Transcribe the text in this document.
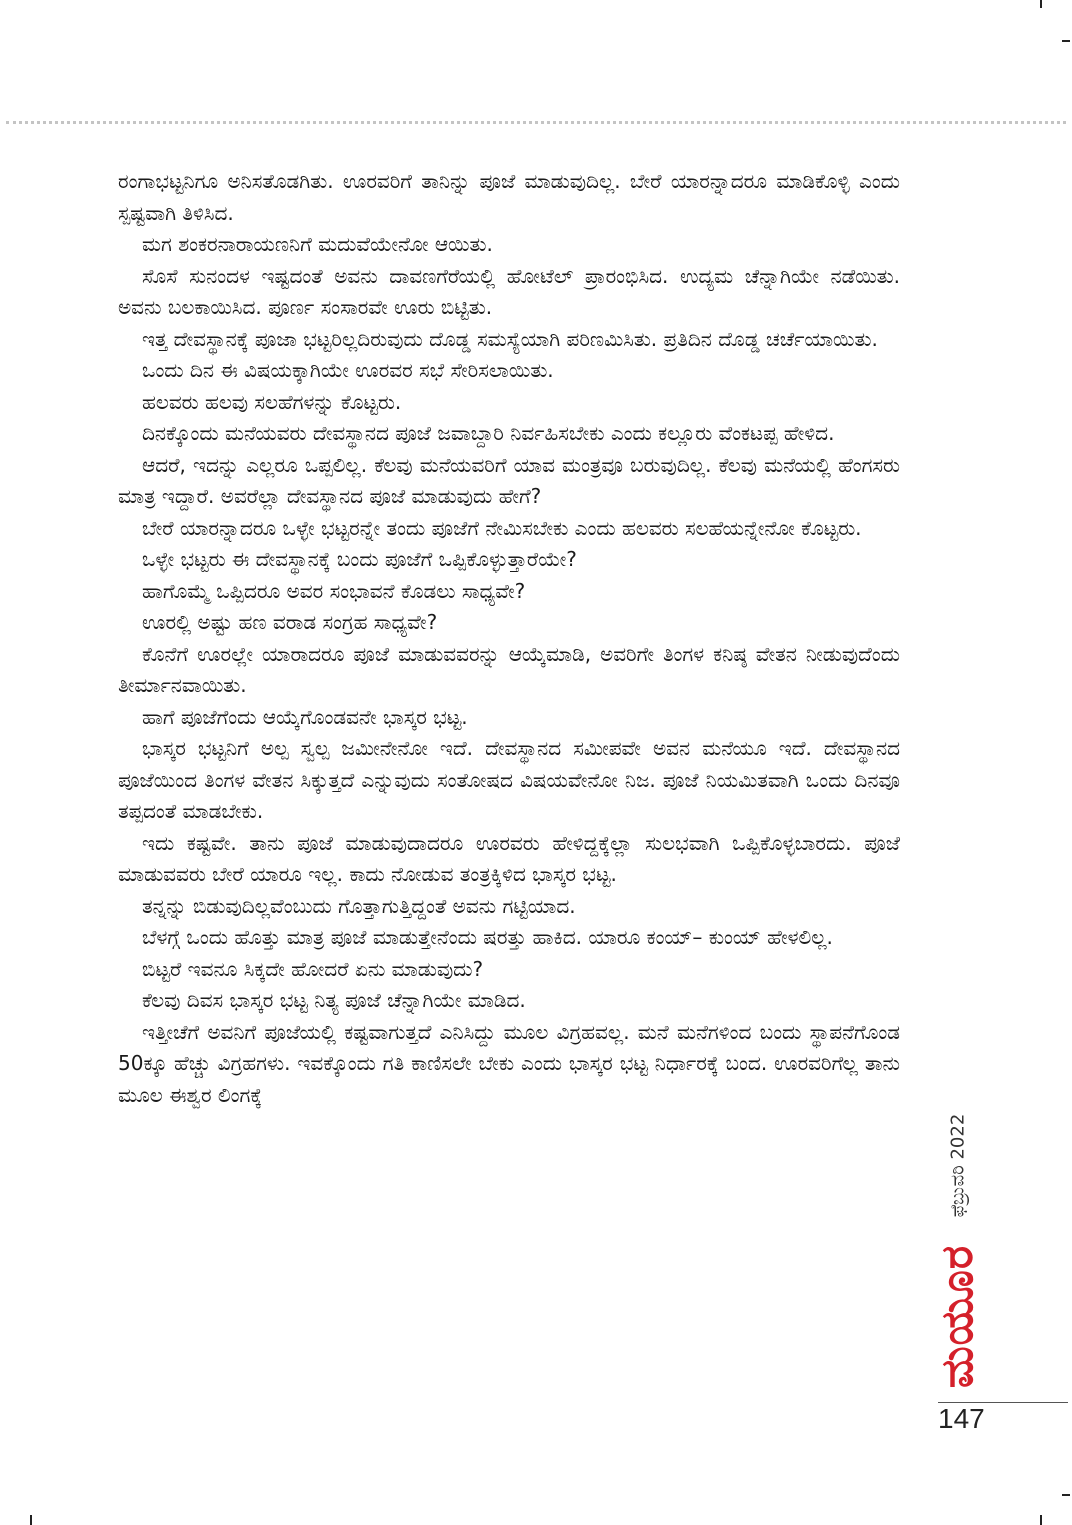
ರಂಗಾಭಟ್ಟನಿಗೂ ಅನಿಸತೊಡಗಿತು. ಊರವರಿಗೆ ತಾನಿನ್ನು ಪೂಜೆ ಮಾಡುವುದಿಲ್ಲ. ಬೇರೆ ಯಾರನ್ನಾದರೂ ಮಾಡಿಕೊಳ್ಳಿ ಎಂದು ಸ್ಪಷ್ಟವಾಗಿ ತಿಳಿಸಿದ.

ಮಗ ಶಂಕರನಾರಾಯಣನಿಗೆ ಮದುವೆಯೇನೋ ಆಯಿತು.

ಸೊಸೆ ಸುನಂದಳ ಇಷ್ಟದಂತೆ ಅವನು ದಾವಣಗೆರೆಯಲ್ಲಿ ಹೋಟೆಲ್ ಪ್ರಾರಂಭಿಸಿದ. ಉದ್ಯಮ ಚೆನ್ನಾಗಿಯೇ ನಡೆಯಿತು. ಅವನು ಬಲಕಾಯಿಸಿದ. ಪೂರ್ಣ ಸಂಸಾರವೇ ಊರು ಬಿಟ್ಟಿತು.

ಇತ್ತ ದೇವಸ್ಥಾನಕ್ಕೆ ಪೂಜಾ ಭಟ್ಟರಿಲ್ಲದಿರುವುದು ದೊಡ್ಡ ಸಮಸ್ಯೆಯಾಗಿ ಪರಿಣಮಿಸಿತು. ಪ್ರತಿದಿನ ದೊಡ್ಡ ಚರ್ಚೆಯಾಯಿತು.

ಒಂದು ದಿನ ಈ ವಿಷಯಕ್ಕಾಗಿಯೇ ಊರವರ ಸಭೆ ಸೇರಿಸಲಾಯಿತು.

ಹಲವರು ಹಲವು ಸಲಹೆಗಳನ್ನು ಕೊಟ್ಟರು.

ದಿನಕ್ಕೊಂದು ಮನೆಯವರು ದೇವಸ್ಥಾನದ ಪೂಜೆ ಜವಾಬ್ದಾರಿ ನಿರ್ವಹಿಸಬೇಕು ಎಂದು ಕಲ್ಲೂರು ವೆಂಕಟಪ್ಪ ಹೇಳಿದ.

ಆದರೆ, ಇದನ್ನು ಎಲ್ಲರೂ ಒಪ್ಪಲಿಲ್ಲ. ಕೆಲವು ಮನೆಯವರಿಗೆ ಯಾವ ಮಂತ್ರವೂ ಬರುವುದಿಲ್ಲ. ಕೆಲವು ಮನೆಯಲ್ಲಿ ಹೆಂಗಸರು ಮಾತ್ರ ಇದ್ದಾರೆ. ಅವರೆಲ್ಲಾ ದೇವಸ್ಥಾನದ ಪೂಜೆ ಮಾಡುವುದು ಹೇಗೆ?

ಬೇರೆ ಯಾರನ್ನಾದರೂ ಒಳ್ಳೇ ಭಟ್ಟರನ್ನೇ ತಂದು ಪೂಜೆಗೆ ನೇಮಿಸಬೇಕು ಎಂದು ಹಲವರು ಸಲಹೆಯನ್ನೇನೋ ಕೊಟ್ಟರು.

ಒಳ್ಳೇ ಭಟ್ಟರು ಈ ದೇವಸ್ಥಾನಕ್ಕೆ ಬಂದು ಪೂಜೆಗೆ ಒಪ್ಪಿಕೊಳ್ಳುತ್ತಾರೆಯೇ?

ಹಾಗೊಮ್ಮೆ ಒಪ್ಪಿದರೂ ಅವರ ಸಂಭಾವನೆ ಕೊಡಲು ಸಾಧ್ಯವೇ?

ಊರಲ್ಲಿ ಅಷ್ಟು ಹಣ ವರಾಡ ಸಂಗ್ರಹ ಸಾಧ್ಯವೇ?

ಕೊನೆಗೆ ಊರಲ್ಲೇ ಯಾರಾದರೂ ಪೂಜೆ ಮಾಡುವವರನ್ನು ಆಯ್ಕೆಮಾಡಿ, ಅವರಿಗೇ ತಿಂಗಳ ಕನಿಷ್ಠ ವೇತನ ನೀಡುವುದೆಂದು ತೀರ್ಮಾನವಾಯಿತು.

ಹಾಗೆ ಪೂಜೆಗೆಂದು ಆಯ್ಕೆಗೊಂಡವನೇ ಭಾಸ್ಕರ ಭಟ್ಟ.

ಭಾಸ್ಕರ ಭಟ್ಟನಿಗೆ ಅಲ್ಪ ಸ್ವಲ್ಪ ಜಮೀನೇನೋ ಇದೆ. ದೇವಸ್ಥಾನದ ಸಮೀಪವೇ ಅವನ ಮನೆಯೂ ಇದೆ. ದೇವಸ್ಥಾನದ ಪೂಜೆಯಿಂದ ತಿಂಗಳ ವೇತನ ಸಿಕ್ಕುತ್ತದೆ ಎನ್ನುವುದು ಸಂತೋಷದ ವಿಷಯವೇನೋ ನಿಜ. ಪೂಜೆ ನಿಯಮಿತವಾಗಿ ಒಂದು ದಿನವೂ ತಪ್ಪದಂತೆ ಮಾಡಬೇಕು.

ಇದು ಕಷ್ಟವೇ. ತಾನು ಪೂಜೆ ಮಾಡುವುದಾದರೂ ಊರವರು ಹೇಳಿದ್ದಕ್ಕೆಲ್ಲಾ ಸುಲಭವಾಗಿ ಒಪ್ಪಿಕೊಳ್ಳಬಾರದು. ಪೂಜೆ ಮಾಡುವವರು ಬೇರೆ ಯಾರೂ ಇಲ್ಲ. ಕಾದು ನೋಡುವ ತಂತ್ರಕ್ಕಿಳಿದ ಭಾಸ್ಕರ ಭಟ್ಟ.

ತನ್ನನ್ನು ಬಿಡುವುದಿಲ್ಲವೆಂಬುದು ಗೊತ್ತಾಗುತ್ತಿದ್ದಂತೆ ಅವನು ಗಟ್ಟಿಯಾದ.

ಬೆಳಗ್ಗೆ ಒಂದು ಹೊತ್ತು ಮಾತ್ರ ಪೂಜೆ ಮಾಡುತ್ತೇನೆಂದು ಷರತ್ತು ಹಾಕಿದ. ಯಾರೂ ಕಂಯ್– ಕುಂಯ್ ಹೇಳಲಿಲ್ಲ.

ಬಿಟ್ಟರೆ ಇವನೂ ಸಿಕ್ಕದೇ ಹೋದರೆ ಏನು ಮಾಡುವುದು?

ಕೆಲವು ದಿವಸ ಭಾಸ್ಕರ ಭಟ್ಟ ನಿತ್ಯ ಪೂಜೆ ಚೆನ್ನಾಗಿಯೇ ಮಾಡಿದ.

ಇತ್ತೀಚೆಗೆ ಅವನಿಗೆ ಪೂಜೆಯಲ್ಲಿ ಕಷ್ಟವಾಗುತ್ತದೆ ಎನಿಸಿದ್ದು ಮೂಲ ವಿಗ್ರಹವಲ್ಲ. ಮನೆ ಮನೆಗಳಿಂದ ಬಂದು ಸ್ಥಾಪನೆಗೊಂಡ 50ಕ್ಕೂ ಹೆಚ್ಚು ವಿಗ್ರಹಗಳು. ಇವಕ್ಕೊಂದು ಗತಿ ಕಾಣಿಸಲೇ ಬೇಕು ಎಂದು ಭಾಸ್ಕರ ಭಟ್ಟ ನಿರ್ಧಾರಕ್ಕೆ ಬಂದ. ಊರವರಿಗೆಲ್ಲ ತಾನು ಮೂಲ ಈಶ್ವರ ಲಿಂಗಕ್ಕೆ

ಫೆಬ್ರುವರಿ 2022
ಮಯೂರ
147
